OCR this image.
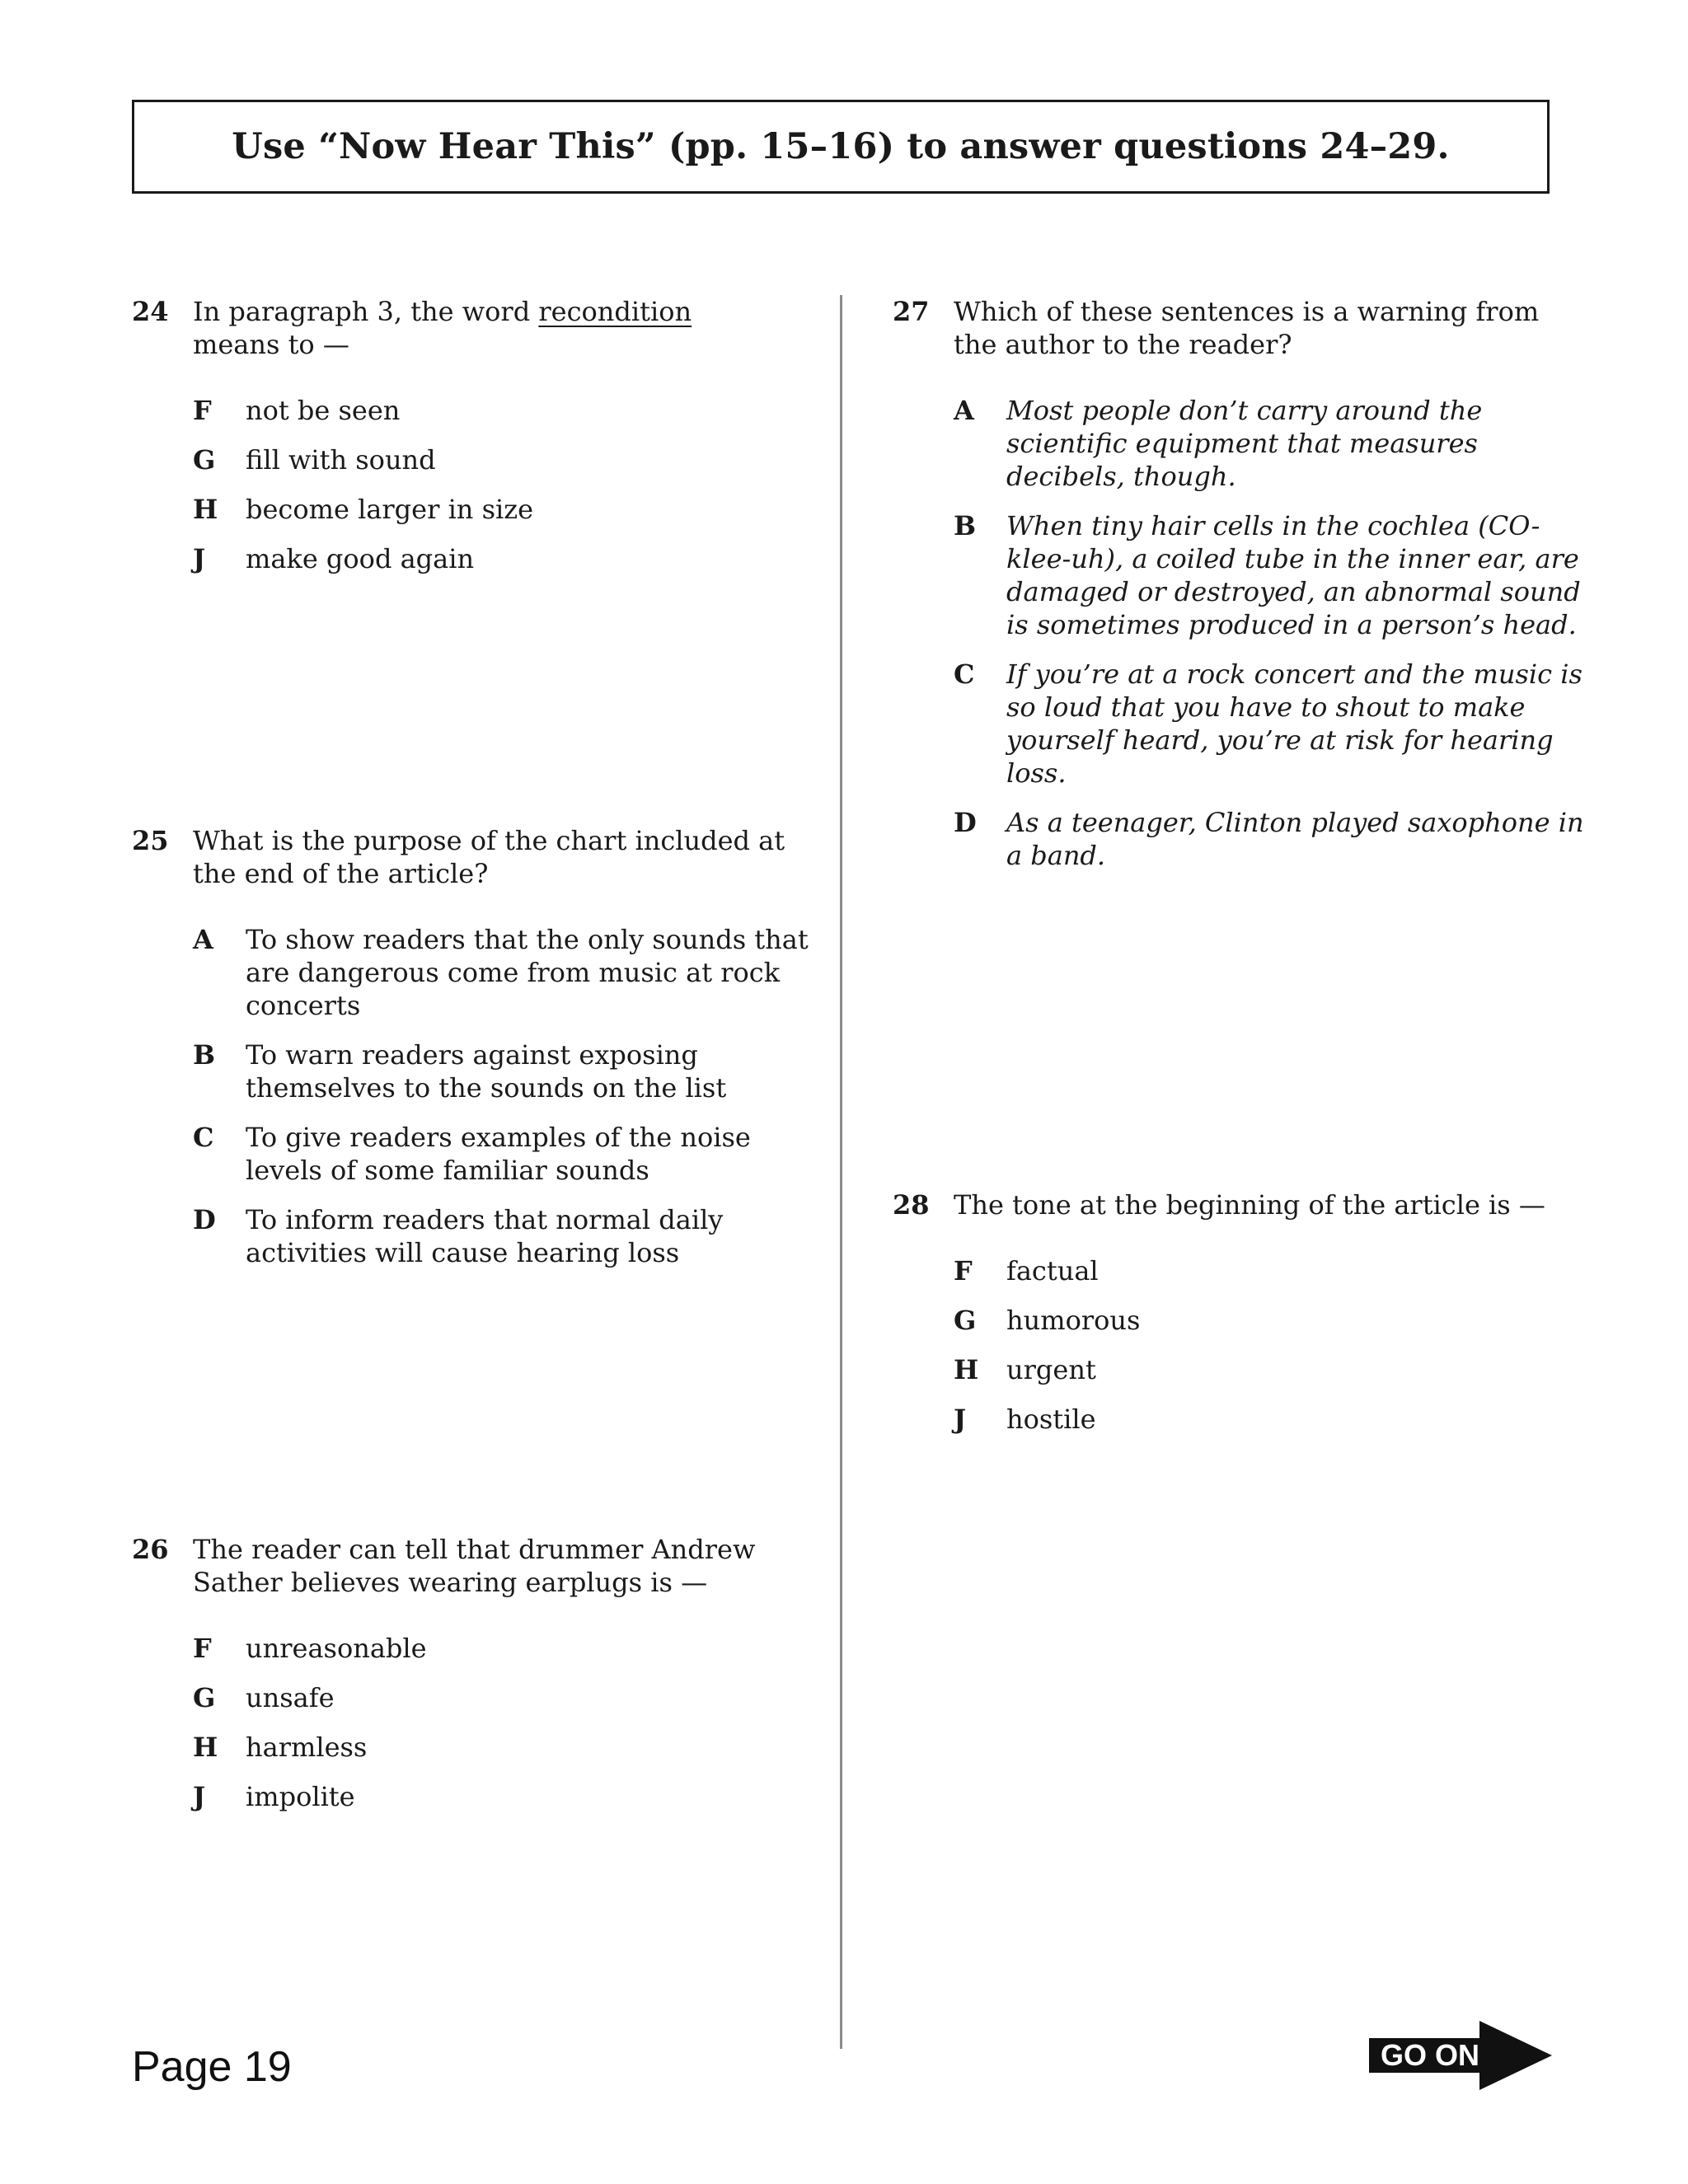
Use “Now Hear This” (pp. 15–16) to answer questions 24–29.
24 In paragraph 3, the word recondition
means to —
F not be seen
G fill with sound
H become larger in size
J make good again
25 What is the purpose of the chart included at
the end of the article?
A To show readers that the only sounds that
are dangerous come from music at rock
concerts
B To warn readers against exposing
themselves to the sounds on the list
C To give readers examples of the noise
levels of some familiar sounds
D To inform readers that normal daily
activities will cause hearing loss
26 The reader can tell that drummer Andrew
Sather believes wearing earplugs is —
F unreasonable
G unsafe
H harmless
J impolite
27 Which of these sentences is a warning from
the author to the reader?
A Most people don’t carry around the
scientific equipment that measures
decibels, though.
B When tiny hair cells in the cochlea (CO-
klee-uh), a coiled tube in the inner ear, are
damaged or destroyed, an abnormal sound
is sometimes produced in a person’s head.
C If you’re at a rock concert and the music is
so loud that you have to shout to make
yourself heard, you’re at risk for hearing
loss.
D As a teenager, Clinton played saxophone in
a band.
28 The tone at the beginning of the article is —
F factual
G humorous
H urgent
J hostile
Page 19	GO ON
